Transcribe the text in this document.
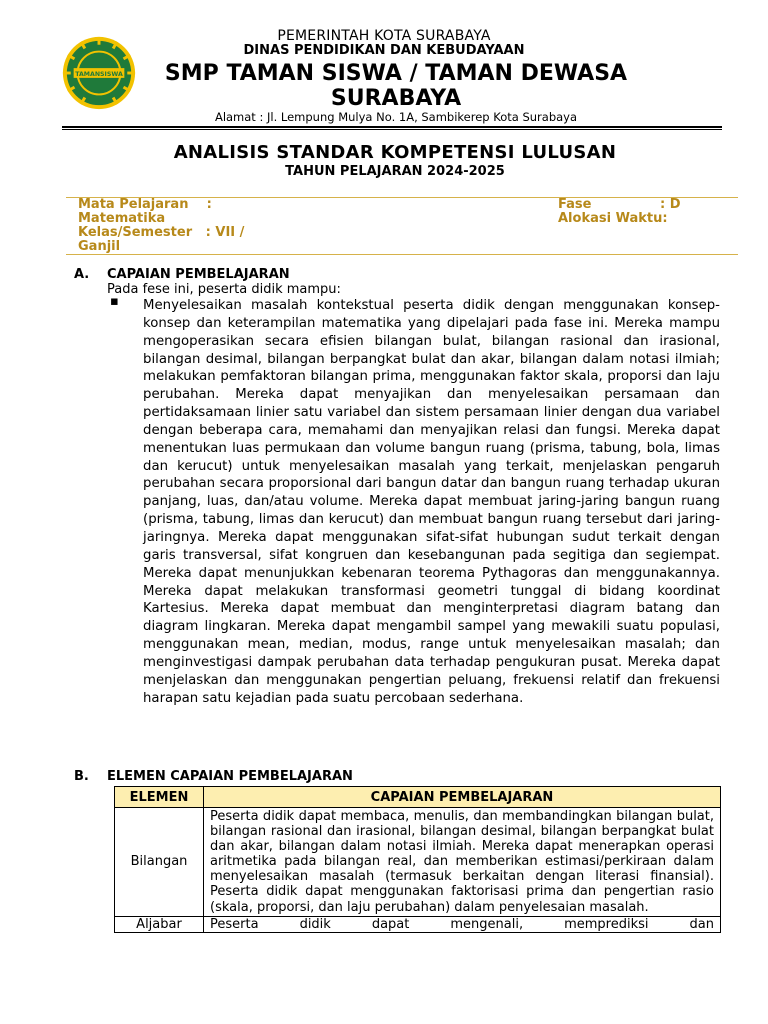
TAMANSISWA
PEMERINTAH KOTA SURABAYA
DINAS PENDIDIKAN DAN KEBUDAYAAN
SMP TAMAN SISWA / TAMAN DEWASA
SURABAYA
Alamat : Jl. Lempung Mulya No. 1A, Sambikerep Kota Surabaya
ANALISIS STANDAR KOMPETENSI LULUSAN
TAHUN PELAJARAN 2024-2025
Mata Pelajaran    :
Matematika
Kelas/Semester   : VII /
Ganjil
Fase	: D
Alokasi Waktu:
A. CAPAIAN PEMBELAJARAN
Pada fese ini, peserta didik mampu:
▪ Menyelesaikan masalah kontekstual peserta didik dengan menggunakan konsep-konsep dan keterampilan matematika yang dipelajari pada fase ini. Mereka mampu mengoperasikan secara efisien bilangan bulat, bilangan rasional dan irasional, bilangan desimal, bilangan berpangkat bulat dan akar, bilangan dalam notasi ilmiah; melakukan pemfaktoran bilangan prima, menggunakan faktor skala, proporsi dan laju perubahan. Mereka dapat menyajikan dan menyelesaikan persamaan dan pertidaksamaan linier satu variabel dan sistem persamaan linier dengan dua variabel dengan beberapa cara, memahami dan menyajikan relasi dan fungsi. Mereka dapat menentukan luas permukaan dan volume bangun ruang (prisma, tabung, bola, limas dan kerucut) untuk menyelesaikan masalah yang terkait, menjelaskan pengaruh perubahan secara proporsional dari bangun datar dan bangun ruang terhadap ukuran panjang, luas, dan/atau volume. Mereka dapat membuat jaring-jaring bangun ruang (prisma, tabung, limas dan kerucut) dan membuat bangun ruang tersebut dari jaring- jaringnya. Mereka dapat menggunakan sifat-sifat hubungan sudut terkait dengan garis transversal, sifat kongruen dan kesebangunan pada segitiga dan segiempat. Mereka dapat menunjukkan kebenaran teorema Pythagoras dan menggunakannya. Mereka dapat melakukan transformasi geometri tunggal di bidang koordinat Kartesius. Mereka dapat membuat dan menginterpretasi diagram batang dan diagram lingkaran. Mereka dapat mengambil sampel yang mewakili suatu populasi, menggunakan mean, median, modus, range untuk menyelesaikan masalah; dan menginvestigasi dampak perubahan data terhadap pengukuran pusat. Mereka dapat menjelaskan dan menggunakan pengertian peluang, frekuensi relatif dan frekuensi harapan satu kejadian pada suatu percobaan sederhana.

B. ELEMEN CAPAIAN PEMBELAJARAN
ELEMEN	CAPAIAN PEMBELAJARAN
Bilangan	Peserta didik dapat membaca, menulis, dan membandingkan bilangan bulat, bilangan rasional dan irasional, bilangan desimal, bilangan berpangkat bulat dan akar, bilangan dalam notasi ilmiah. Mereka dapat menerapkan operasi aritmetika pada bilangan real, dan memberikan estimasi/perkiraan dalam menyelesaikan masalah (termasuk berkaitan dengan literasi finansial). Peserta didik dapat menggunakan faktorisasi prima dan pengertian rasio (skala, proporsi, dan laju perubahan) dalam penyelesaian masalah.

Aljabar	Peserta didik dapat mengenali, memprediksi dan
